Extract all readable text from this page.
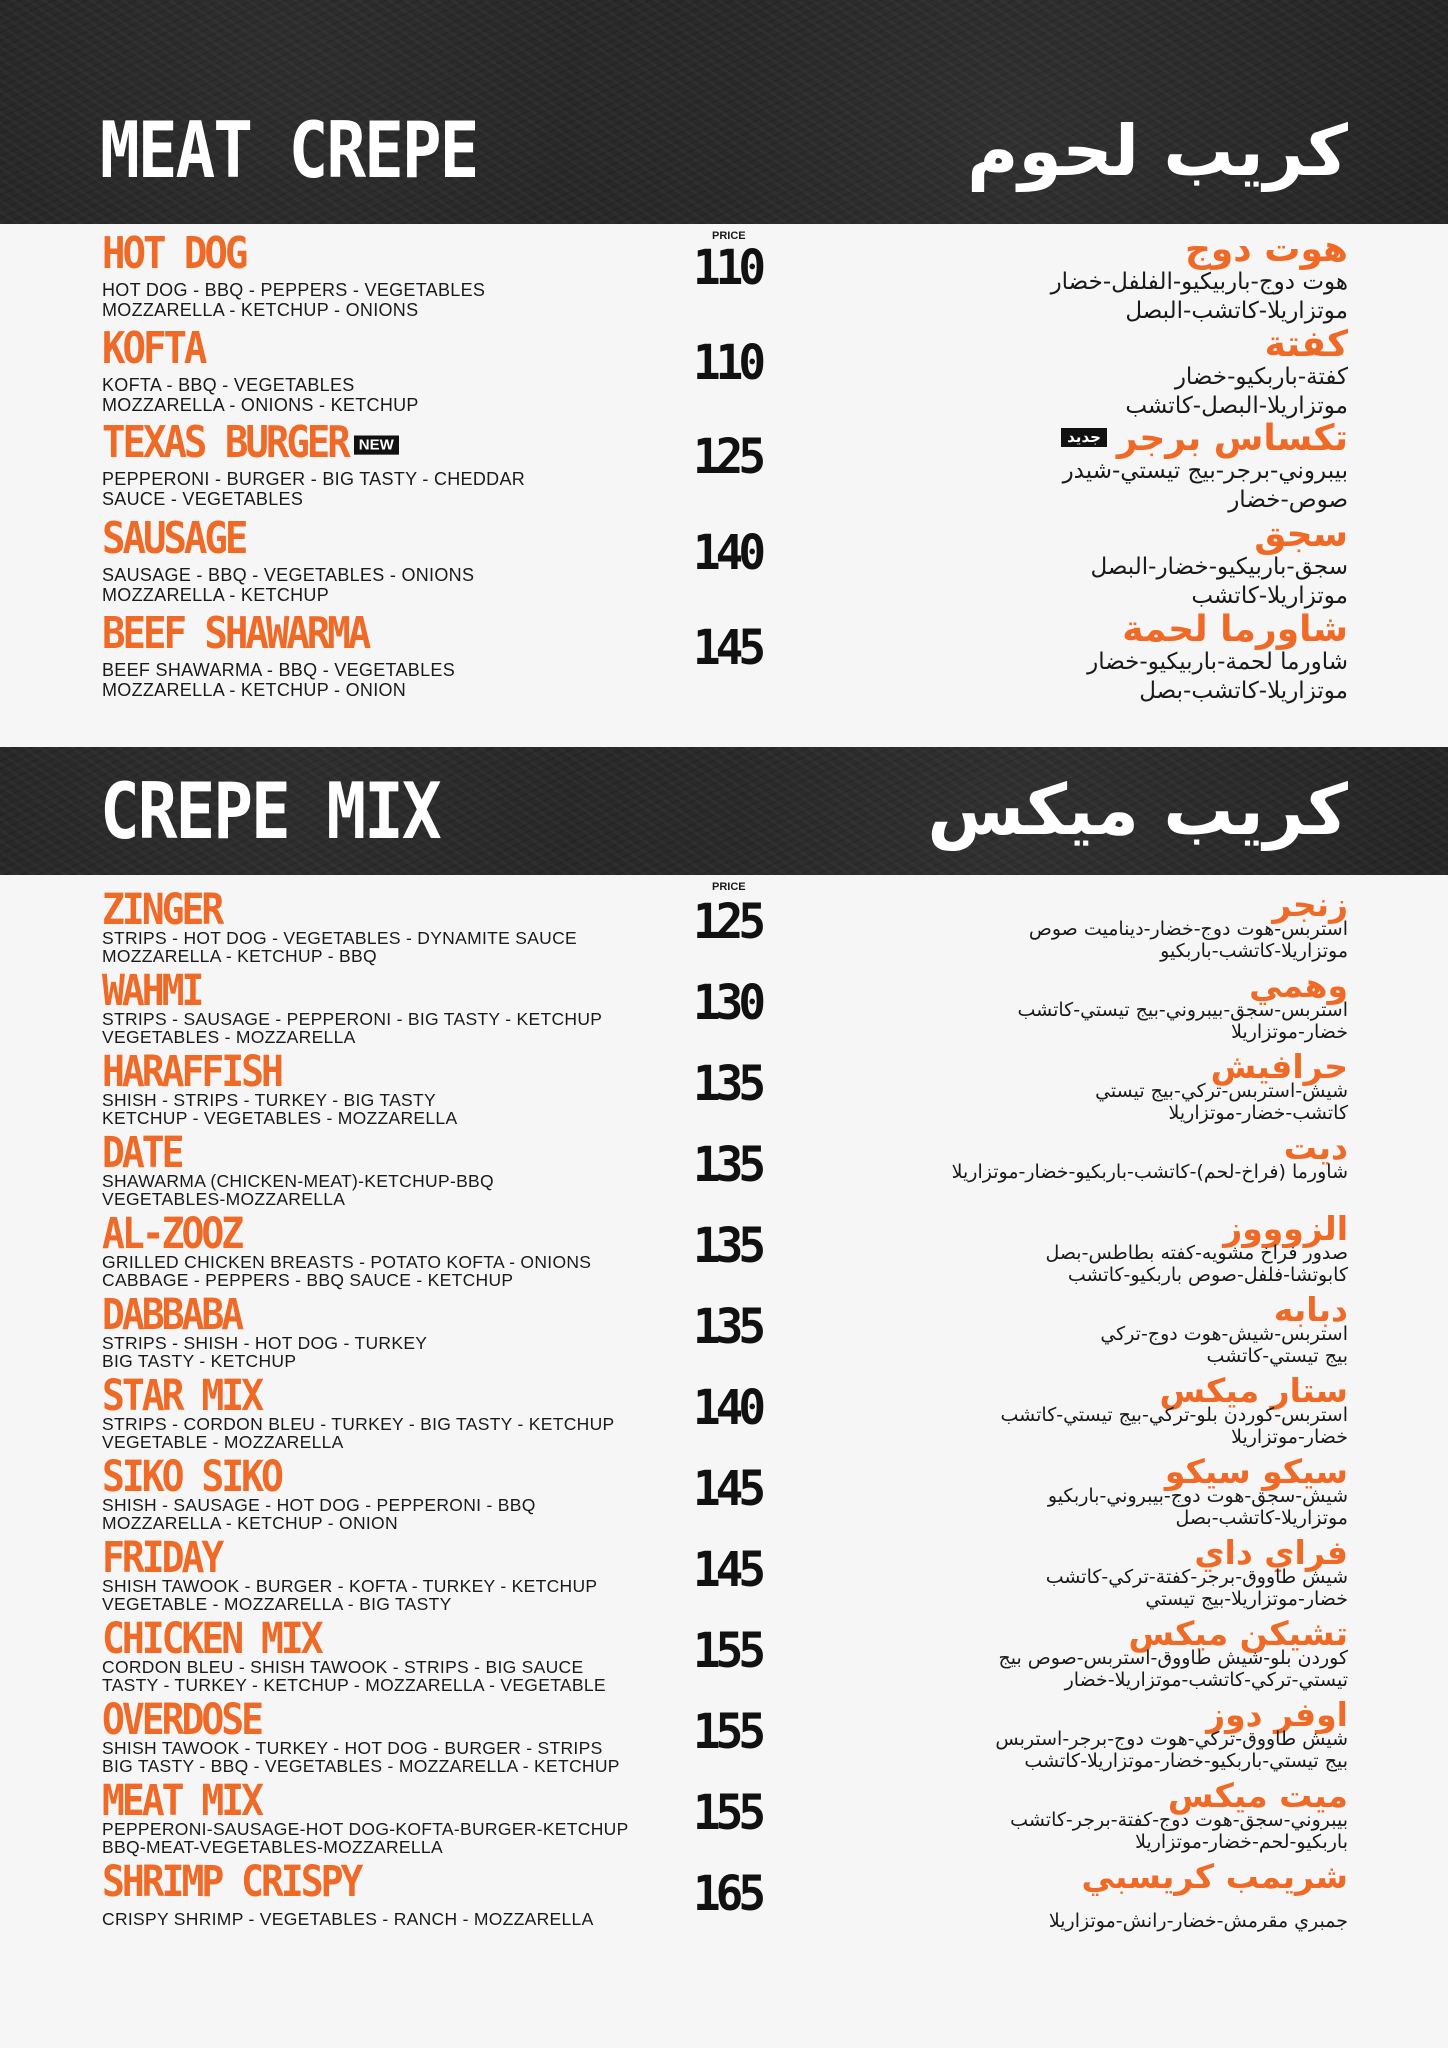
MEAT CREPE	كريب لحوم
PRICE
HOT DOG
HOT DOG - BBQ - PEPPERS - VEGETABLES
MOZZARELLA - KETCHUP - ONIONS
110	هوت دوج
هوت دوج-باربيكيو-الفلفل-خضار
موتزاريلا-كاتشب-البصل
KOFTA
KOFTA - BBQ - VEGETABLES
MOZZARELLA - ONIONS - KETCHUP
110	كفتة
كفتة-باربكيو-خضار
موتزاريلا-البصل-كاتشب
TEXAS BURGER NEW
PEPPERONI - BURGER - BIG TASTY - CHEDDAR
SAUCE - VEGETABLES
125	تكساس برجرجديد
بيبروني-برجر-بيج تيستي-شيدر
صوص-خضار
SAUSAGE
SAUSAGE - BBQ - VEGETABLES - ONIONS
MOZZARELLA - KETCHUP
140	سجق
سجق-باربيكيو-خضار-البصل
موتزاريلا-كاتشب
BEEF SHAWARMA
BEEF SHAWARMA - BBQ - VEGETABLES
MOZZARELLA - KETCHUP - ONION
145	شاورما لحمة
شاورما لحمة-باربيكيو-خضار
موتزاريلا-كاتشب-بصل
CREPE MIX	كريب ميكس
PRICE
ZINGER
STRIPS - HOT DOG - VEGETABLES - DYNAMITE SAUCE
MOZZARELLA - KETCHUP - BBQ
125	زنجر
استربس-هوت دوج-خضار-ديناميت صوص
موتزاريلا-كاتشب-باربكيو
WAHMI
STRIPS - SAUSAGE - PEPPERONI - BIG TASTY - KETCHUP
VEGETABLES - MOZZARELLA
130	وهمي
استربس-سجق-بيبروني-بيج تيستي-كاتشب
خضار-موتزاريلا
HARAFFISH
SHISH - STRIPS - TURKEY - BIG TASTY
KETCHUP - VEGETABLES - MOZZARELLA
135	حرافيش
شيش-استربس-تركي-بيج تيستي
كاتشب-خضار-موتزاريلا
DATE
SHAWARMA (CHICKEN-MEAT)-KETCHUP-BBQ
VEGETABLES-MOZZARELLA
135	ديت
شاورما (فراخ-لحم)-كاتشب-باربكيو-خضار-موتزاريلا
AL-ZOOZ
GRILLED CHICKEN BREASTS - POTATO KOFTA - ONIONS
CABBAGE - PEPPERS - BBQ SAUCE - KETCHUP
135	الزوووز
صدور فراخ مشويه-كفته بطاطس-بصل
كابوتشا-فلفل-صوص باربكيو-كاتشب
DABBABA
STRIPS - SHISH - HOT DOG - TURKEY
BIG TASTY - KETCHUP
135	دبابه
استربس-شيش-هوت دوج-تركي
بيج تيستي-كاتشب
STAR MIX
STRIPS - CORDON BLEU - TURKEY - BIG TASTY - KETCHUP
VEGETABLE - MOZZARELLA
140	ستار ميكس
استربس-كوردن بلو-تركي-بيج تيستي-كاتشب
خضار-موتزاريلا
SIKO SIKO
SHISH - SAUSAGE - HOT DOG - PEPPERONI - BBQ
MOZZARELLA - KETCHUP - ONION
145	سيكو سيكو
شيش-سجق-هوت دوج-بيبروني-باربكيو
موتزاريلا-كاتشب-بصل
FRIDAY
SHISH TAWOOK - BURGER - KOFTA - TURKEY - KETCHUP
VEGETABLE - MOZZARELLA - BIG TASTY
145	فراي داي
شيش طاووق-برجر-كفتة-تركي-كاتشب
خضار-موتزاريلا-بيج تيستي
CHICKEN MIX
CORDON BLEU - SHISH TAWOOK - STRIPS - BIG SAUCE
TASTY - TURKEY - KETCHUP - MOZZARELLA - VEGETABLE
155	تشيكن ميكس
كوردن بلو-شيش طاووق-استربس-صوص بيج
تيستي-تركي-كاتشب-موتزاريلا-خضار
OVERDOSE
SHISH TAWOOK - TURKEY - HOT DOG - BURGER - STRIPS
BIG TASTY - BBQ - VEGETABLES - MOZZARELLA - KETCHUP
155	اوفر دوز
شيش طاووق-تركي-هوت دوج-برجر-استربس
بيج تيستي-باربكيو-خضار-موتزاريلا-كاتشب
MEAT MIX
PEPPERONI-SAUSAGE-HOT DOG-KOFTA-BURGER-KETCHUP
BBQ-MEAT-VEGETABLES-MOZZARELLA
155	ميت ميكس
بيبروني-سجق-هوت دوج-كفتة-برجر-كاتشب
باربكيو-لحم-خضار-موتزاريلا
SHRIMP CRISPY
CRISPY SHRIMP - VEGETABLES - RANCH - MOZZARELLA 165	شريمب كريسبي
جمبري مقرمش-خضار-رانش-موتزاريلا
